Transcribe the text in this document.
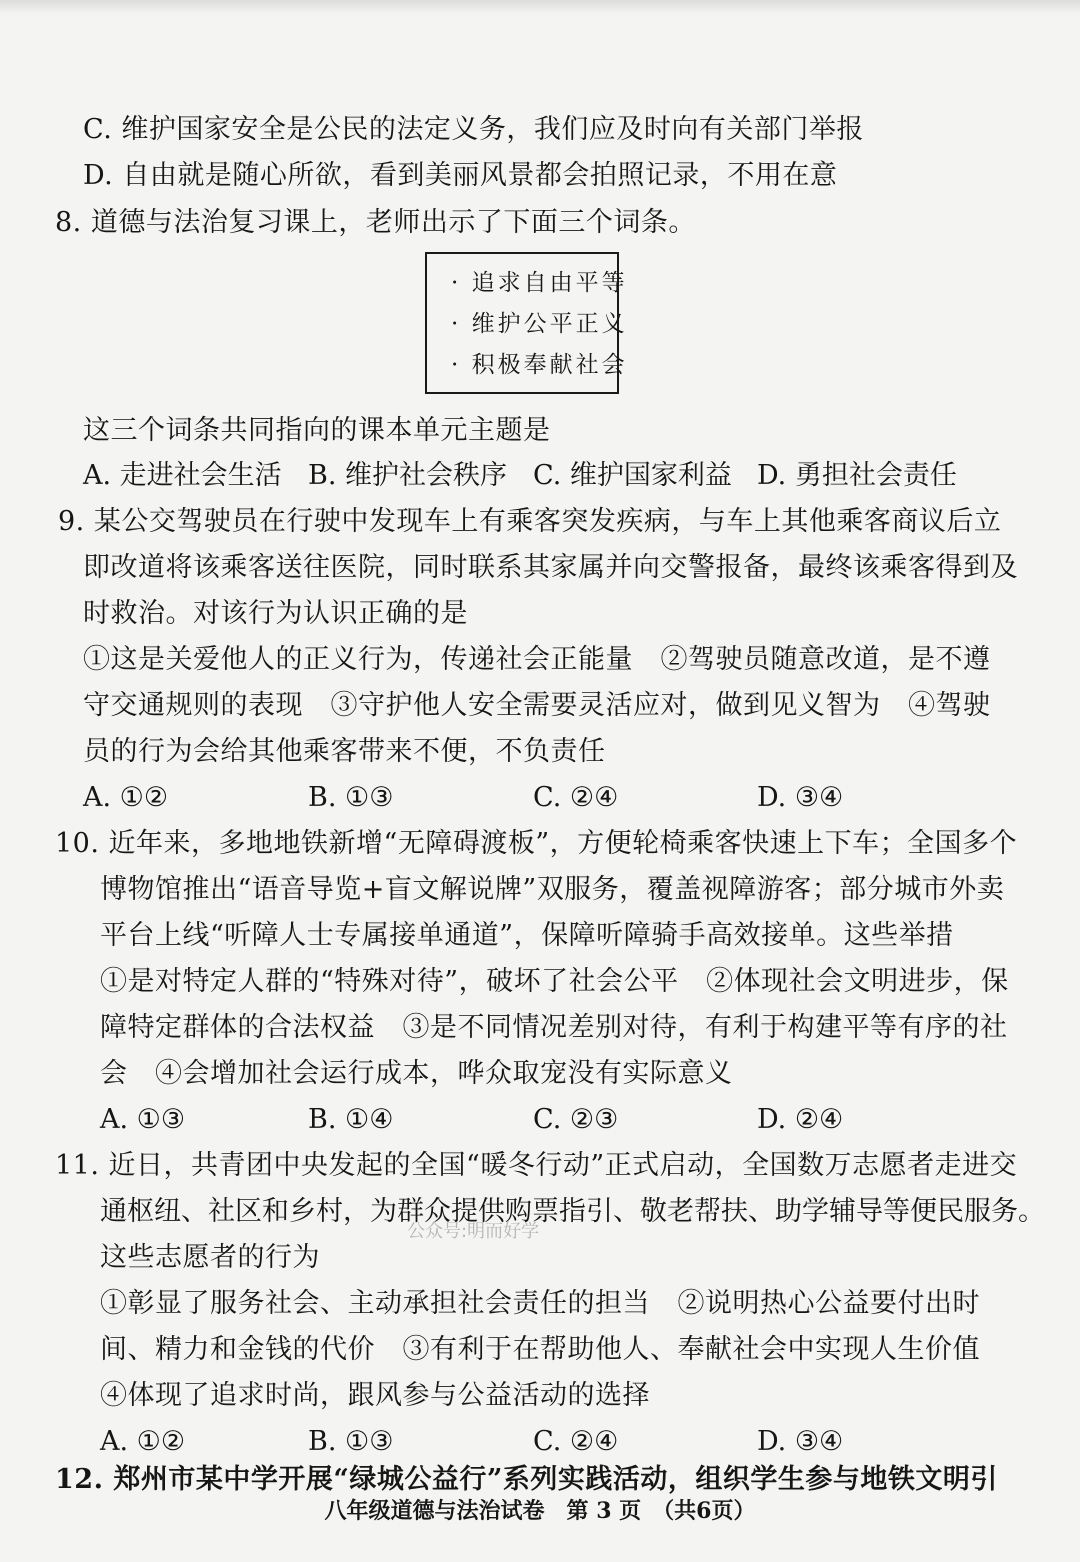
C. 维护国家安全是公民的法定义务，我们应及时向有关部门举报
D. 自由就是随心所欲，看到美丽风景都会拍照记录，不用在意
8. 道德与法治复习课上，老师出示了下面三个词条。
· 追求自由平等
· 维护公平正义
· 积极奉献社会
这三个词条共同指向的课本单元主题是
A. 走进社会生活 B. 维护社会秩序 C. 维护国家利益 D. 勇担社会责任
9. 某公交驾驶员在行驶中发现车上有乘客突发疾病，与车上其他乘客商议后立
即改道将该乘客送往医院，同时联系其家属并向交警报备，最终该乘客得到及
时救治。对该行为认识正确的是
①这是关爱他人的正义行为，传递社会正能量　②驾驶员随意改道，是不遵
守交通规则的表现　③守护他人安全需要灵活应对，做到见义智为　④驾驶
员的行为会给其他乘客带来不便，不负责任
A. ①②	B. ①③	C. ②④	D. ③④
10. 近年来，多地地铁新增“无障碍渡板”，方便轮椅乘客快速上下车；全国多个
博物馆推出“语音导览+盲文解说牌”双服务，覆盖视障游客；部分城市外卖
平台上线“听障人士专属接单通道”，保障听障骑手高效接单。这些举措
①是对特定人群的“特殊对待”，破坏了社会公平　②体现社会文明进步，保
障特定群体的合法权益　③是不同情况差别对待，有利于构建平等有序的社
会　④会增加社会运行成本，哗众取宠没有实际意义
A. ①③	B. ①④	C. ②③	D. ②④
11. 近日，共青团中央发起的全国“暖冬行动”正式启动，全国数万志愿者走进交
通枢纽、社区和乡村，为群众提供购票指引、敬老帮扶、助学辅导等便民服务。
这些志愿者的行为
①彰显了服务社会、主动承担社会责任的担当　②说明热心公益要付出时
间、精力和金钱的代价　③有利于在帮助他人、奉献社会中实现人生价值
④体现了追求时尚，跟风参与公益活动的选择
A. ①②	B. ①③	C. ②④	D. ③④
12. 郑州市某中学开展“绿城公益行”系列实践活动，组织学生参与地铁文明引
公众号:明而好学
八年级道德与法治试卷　第 3 页　（共6页）
